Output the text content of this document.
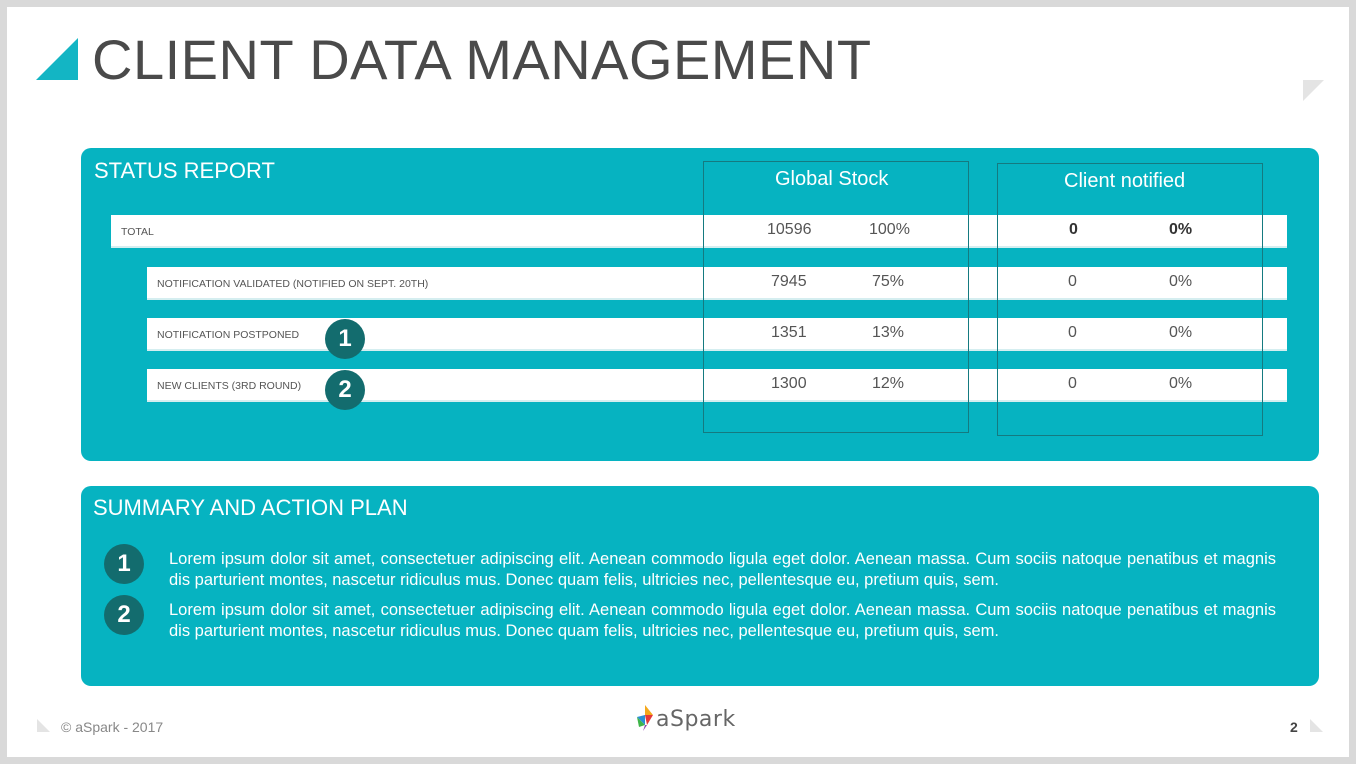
CLIENT DATA MANAGEMENT
STATUS REPORT
TOTAL	10596	100%	0	0%
NOTIFICATION VALIDATED (NOTIFIED ON SEPT. 20TH)	7945	75%	0	0%
NOTIFICATION POSTPONED	1351	13%	0	0%
NEW CLIENTS (3RD ROUND)	1300	12%	0	0%
1
2
Global Stock	Client notified
SUMMARY AND ACTION PLAN
1	Lorem ipsum dolor sit amet, consectetuer adipiscing elit. Aenean commodo ligula eget dolor. Aenean massa. Cum sociis natoque penatibus et magnis dis parturient montes, nascetur ridiculus mus. Donec quam felis, ultricies nec, pellentesque eu, pretium quis, sem.
2	Lorem ipsum dolor sit amet, consectetuer adipiscing elit. Aenean commodo ligula eget dolor. Aenean massa. Cum sociis natoque penatibus et magnis dis parturient montes, nascetur ridiculus mus. Donec quam felis, ultricies nec, pellentesque eu, pretium quis, sem.
© aSpark - 2017	aSpark	2
